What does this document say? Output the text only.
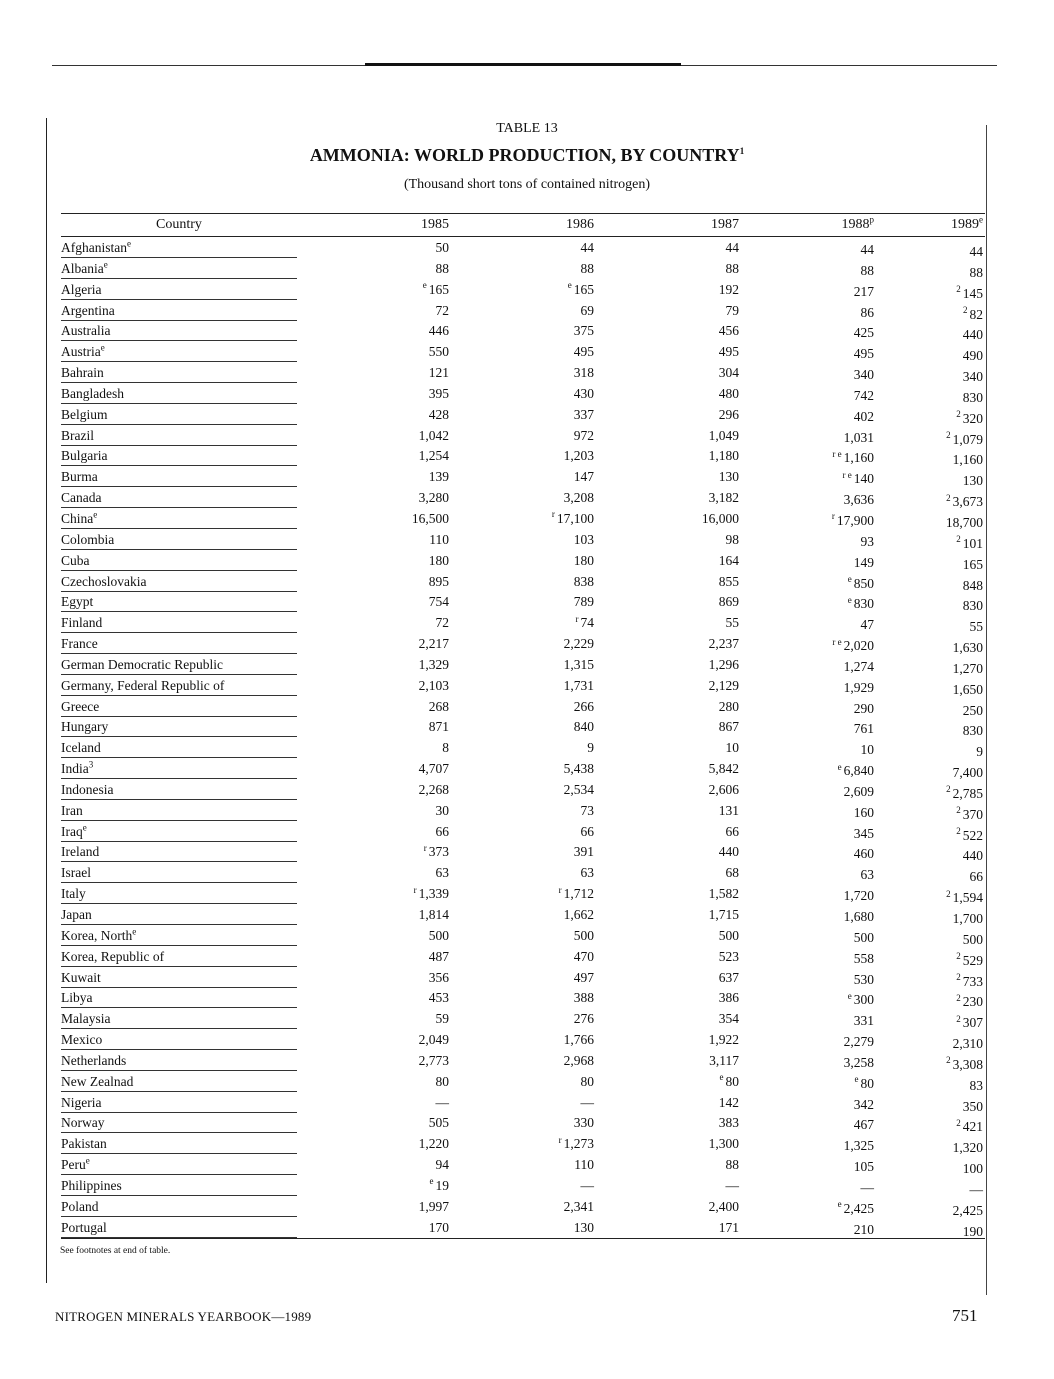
TABLE 13
AMMONIA: WORLD PRODUCTION, BY COUNTRY$^1$
(Thousand short tons of contained nitrogen)
Country	1985	1986	1987	1988$^p$	1989e
Afghanistan$^e$	50	44	44	44	44
Albania$^e$	88	88	88	88	88
Algeria	$^e$ 165	$^e$ 165	192	217	$^2$ 145
Argentina	72	69	79	86	$^2$ 82
Australia	446	375	456	425	440
Austria$^e$	550	495	495	495	490
Bahrain	121	318	304	340	340
Bangladesh	395	430	480	742	830
Belgium	428	337	296	402	$^2$ 320
Brazil	1,042	972	1,049	1,031	$^2$ 1,079
Bulgaria	1,254	1,203	1,180	$^{r e}$ 1,160	1,160
Burma	139	147	130	$^{r e}$ 140	130
Canada	3,280	3,208	3,182	3,636	$^2$ 3,673
China$^e$	16,500	$^r$ 17,100	16,000	$^r$ 17,900	18,700
Colombia	110	103	98	93	$^2$ 101
Cuba	180	180	164	149	165
Czechoslovakia	895	838	855	$^e$ 850	848
Egypt	754	789	869	$^e$ 830	830
Finland	72	$^r$ 74	55	47	55
France	2,217	2,229	2,237	$^{r e}$ 2,020	1,630
German Democratic Republic	1,329	1,315	1,296	1,274	1,270
Germany, Federal Republic of	2,103	1,731	2,129	1,929	1,650
Greece	268	266	280	290	250
Hungary	871	840	867	761	830
Iceland	8	9	10	10	9
India$^3$	4,707	5,438	5,842	$^e$ 6,840	7,400
Indonesia	2,268	2,534	2,606	2,609	$^2$ 2,785
Iran	30	73	131	160	$^2$ 370
Iraq$^e$	66	66	66	345	$^2$ 522
Ireland	$^r$ 373	391	440	460	440
Israel	63	63	68	63	66
Italy	$^r$ 1,339	$^r$ 1,712	1,582	1,720	$^2$ 1,594
Japan	1,814	1,662	1,715	1,680	1,700
Korea, North$^e$	500	500	500	500	500
Korea, Republic of	487	470	523	558	$^2$ 529
Kuwait	356	497	637	530	$^2$ 733
Libya	453	388	386	$^e$ 300	$^2$ 230
Malaysia	59	276	354	331	$^2$ 307
Mexico	2,049	1,766	1,922	2,279	2,310
Netherlands	2,773	2,968	3,117	3,258	$^2$ 3,308
New Zealnad	80	80	$^e$ 80	$^e$ 80	83
Nigeria	—	—	142	342	350
Norway	505	330	383	467	$^2$ 421
Pakistan	1,220	$^r$ 1,273	1,300	1,325	1,320
Peru$^e$	94	110	88	105	100
Philippines	$^e$ 19	—	—	—	—
Poland	1,997	2,341	2,400	$^e$ 2,425	2,425
Portugal	170	130	171	210	190
See footnotes at end of table.
NITROGEN MINERALS YEARBOOK—1989	751
